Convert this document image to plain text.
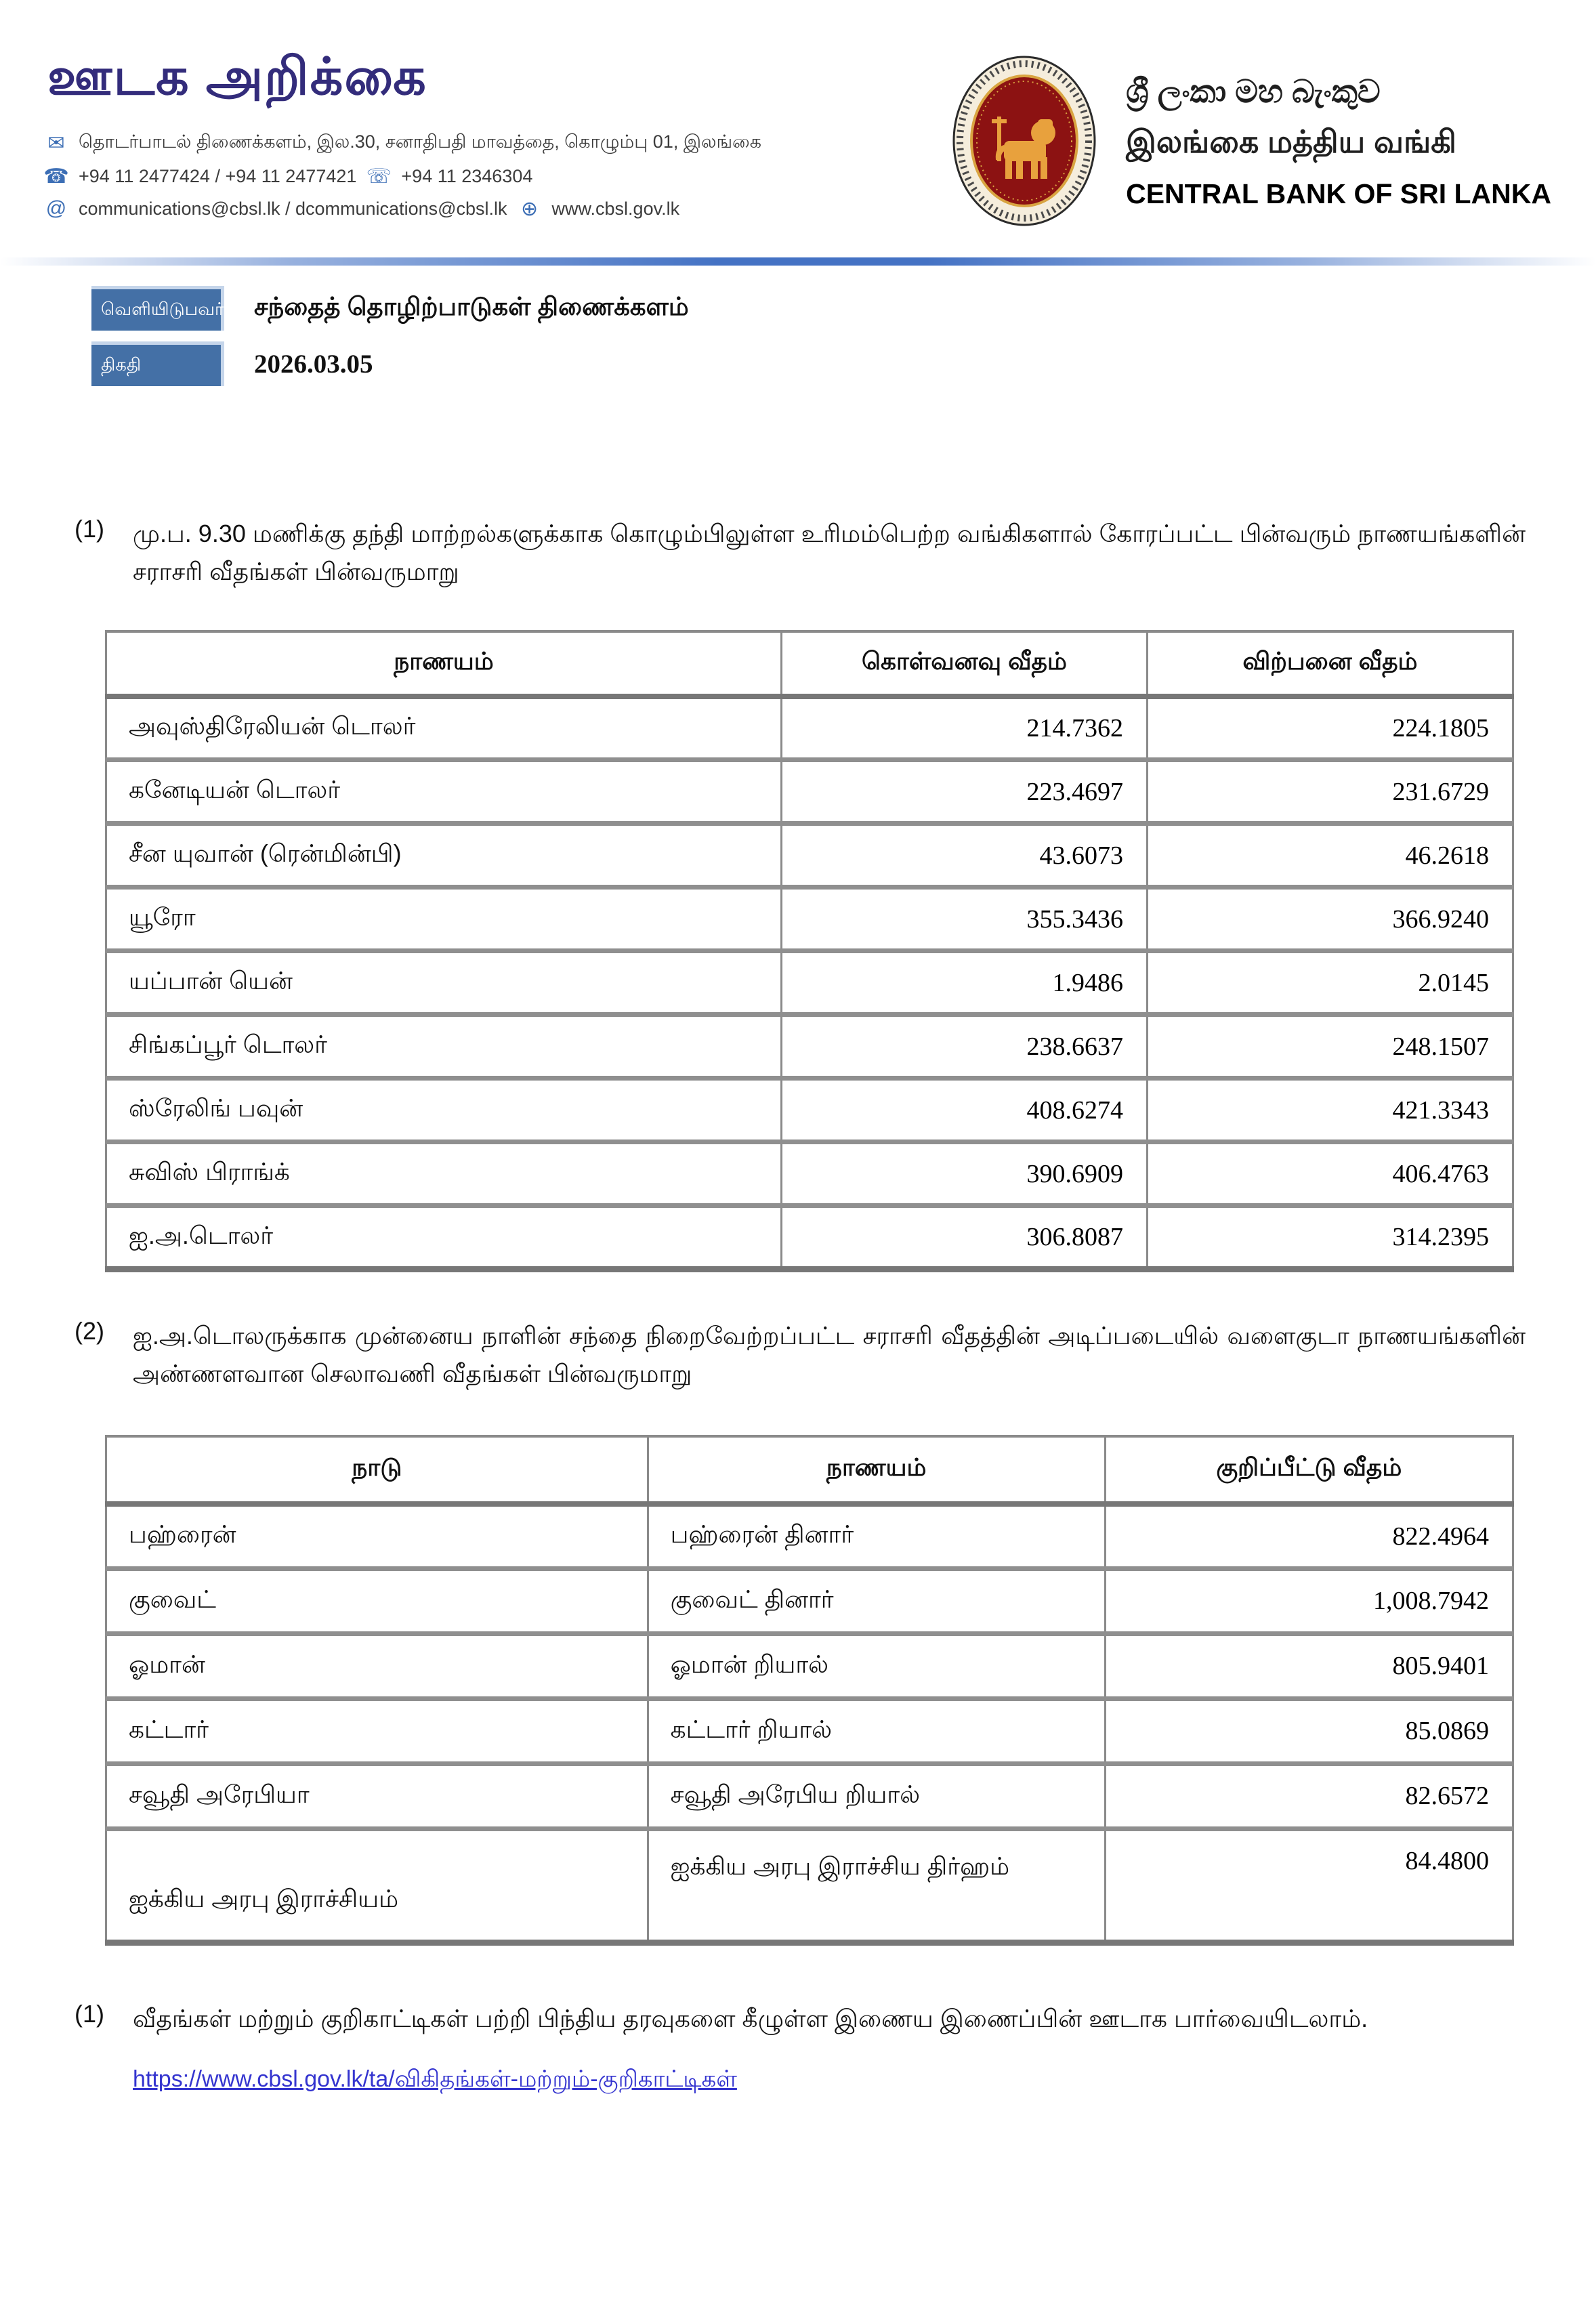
ஊடக அறிக்கை
✉ தொடர்பாடல் திணைக்களம், இல.30, சனாதிபதி மாவத்தை, கொழும்பு 01, இலங்கை
☎ +94 11 2477424 / +94 11 2477421 ☏ +94 11 2346304
@ communications@cbsl.lk / dcommunications@cbsl.lk ⊕ www.cbsl.gov.lk
ශ්‍රී ලංකා මහ බැංකුව
இலங்கை மத்திய வங்கி
CENTRAL BANK OF SRI LANKA
வெளியிடுபவர் சந்தைத் தொழிற்பாடுகள் திணைக்களம்
திகதி	2026.03.05
(1)	மு.ப. 9.30 மணிக்கு தந்தி மாற்றல்களுக்காக கொழும்பிலுள்ள உரிமம்பெற்ற வங்கிகளால் கோரப்பட்ட பின்வரும் நாணயங்களின் சராசரி வீதங்கள் பின்வருமாறு
நாணயம்	கொள்வனவு வீதம்	விற்பனை வீதம்
அவுஸ்திரேலியன் டொலர்	214.7362	224.1805
கனேடியன் டொலர்	223.4697	231.6729
சீன யுவான் (ரென்மின்பி)	43.6073	46.2618
யூரோ	355.3436	366.9240
யப்பான் யென்	1.9486	2.0145
சிங்கப்பூர் டொலர்	238.6637	248.1507
ஸ்ரேலிங் பவுன்	408.6274	421.3343
சுவிஸ் பிராங்க்	390.6909	406.4763
ஐ.அ.டொலர்	306.8087	314.2395
(2)	ஐ.அ.டொலருக்காக முன்னைய நாளின் சந்தை நிறைவேற்றப்பட்ட சராசரி வீதத்தின் அடிப்படையில் வளைகுடா நாணயங்களின் அண்ணளவான செலாவணி வீதங்கள் பின்வருமாறு
நாடு	நாணயம்	குறிப்பீட்டு வீதம்
பஹ்ரைன்	பஹ்ரைன் தினார்	822.4964
குவைட்	குவைட் தினார்	1,008.7942
ஓமான்	ஓமான் றியால்	805.9401
கட்டார்	கட்டார் றியால்	85.0869
சவூதி அரேபியா	சவூதி அரேபிய றியால்	82.6572
ஐக்கிய அரபு இராச்சியம்	ஐக்கிய அரபு இராச்சிய திர்ஹம்	84.4800
(1)	வீதங்கள் மற்றும் குறிகாட்டிகள் பற்றி பிந்திய தரவுகளை கீழுள்ள இணைய இணைப்பின் ஊடாக பார்வையிடலாம்.
https://www.cbsl.gov.lk/ta/விகிதங்கள்-மற்றும்-குறிகாட்டிகள்
